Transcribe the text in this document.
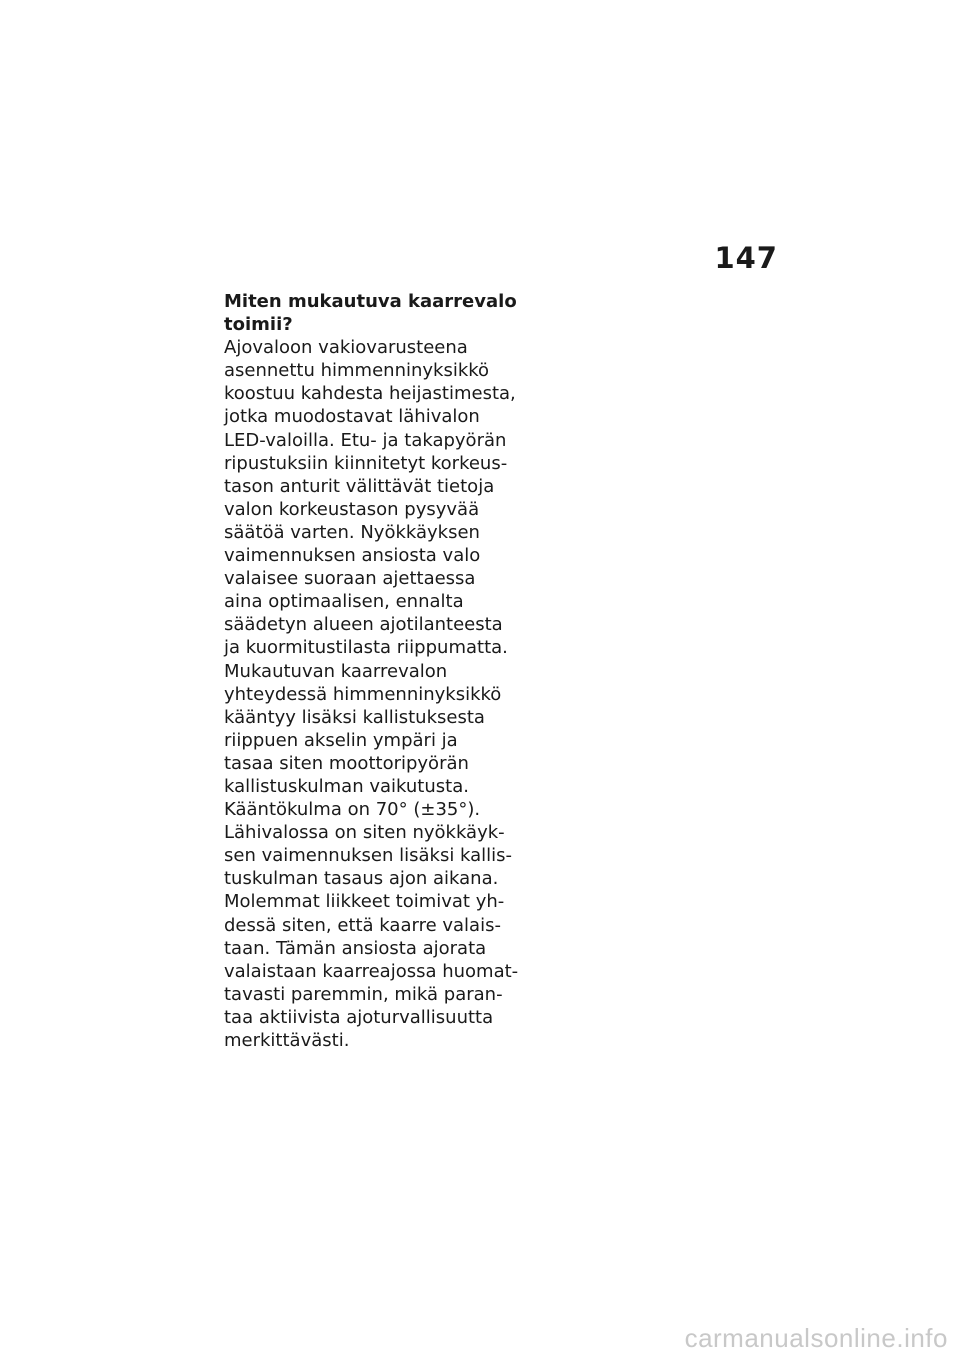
147
Miten mukautuva kaarrevalo
toimii?
Ajovaloon vakiovarusteena
asennettu himmenninyksikkö
koostuu kahdesta heijastimesta,
jotka muodostavat lähivalon
LED-valoilla. Etu- ja takapyörän
ripustuksiin kiinnitetyt korkeus-
tason anturit välittävät tietoja
valon korkeustason pysyvää
säätöä varten. Nyökkäyksen
vaimennuksen ansiosta valo
valaisee suoraan ajettaessa
aina optimaalisen, ennalta
säädetyn alueen ajotilanteesta
ja kuormitustilasta riippumatta.
Mukautuvan kaarrevalon
yhteydessä himmenninyksikkö
kääntyy lisäksi kallistuksesta
riippuen akselin ympäri ja
tasaa siten moottoripyörän
kallistuskulman vaikutusta.
Kääntökulma on 70° (±35°).
Lähivalossa on siten nyökkäyk-
sen vaimennuksen lisäksi kallis-
tuskulman tasaus ajon aikana.
Molemmat liikkeet toimivat yh-
dessä siten, että kaarre valais-
taan. Tämän ansiosta ajorata
valaistaan kaarreajossa huomat-
tavasti paremmin, mikä paran-
taa aktiivista ajoturvallisuutta
merkittävästi.
carmanualsonline.info
